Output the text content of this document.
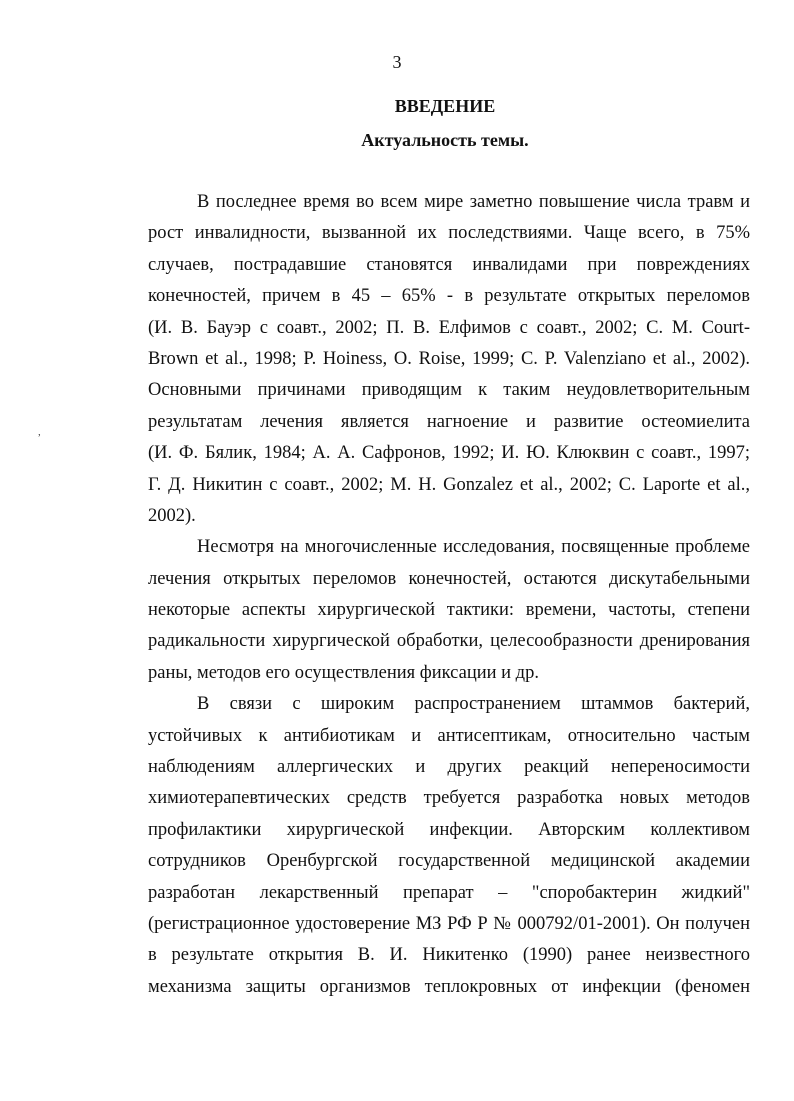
3
ВВЕДЕНИЕ
Актуальность темы.
,
В последнее время во всем мире заметно повышение числа травм и
рост инвалидности, вызванной их последствиями. Чаще всего, в 75%
случаев, пострадавшие становятся инвалидами при повреждениях
конечностей, причем в 45 – 65% - в результате открытых переломов
(И. В. Бауэр с соавт., 2002; П. В. Елфимов с соавт., 2002; С. М. Court-
Brown et al., 1998; P. Hoiness, O. Roise, 1999; C. P. Valenziano et al., 2002).
Основными причинами приводящим к таким неудовлетворительным
результатам лечения является нагноение и развитие остеомиелита
(И. Ф. Бялик, 1984; А. А. Сафронов, 1992; И. Ю. Клюквин с соавт., 1997;
Г. Д. Никитин с соавт., 2002; М. Н. Gonzalez et al., 2002; С. Laporte et al.,
2002).
Несмотря на многочисленные исследования, посвященные проблеме
лечения открытых переломов конечностей, остаются дискутабельными
некоторые аспекты хирургической тактики: времени, частоты, степени
радикальности хирургической обработки, целесообразности дренирования
раны, методов его осуществления фиксации и др.
В связи с широким распространением штаммов бактерий,
устойчивых к антибиотикам и антисептикам, относительно частым
наблюдениям аллергических и других реакций непереносимости
химиотерапевтических средств требуется разработка новых методов
профилактики хирургической инфекции. Авторским коллективом
сотрудников Оренбургской государственной медицинской академии
разработан лекарственный препарат – "споробактерин жидкий"
(регистрационное удостоверение МЗ РФ Р № 000792/01-2001). Он получен
в результате открытия В. И. Никитенко (1990) ранее неизвестного
механизма защиты организмов теплокровных от инфекции (феномен
